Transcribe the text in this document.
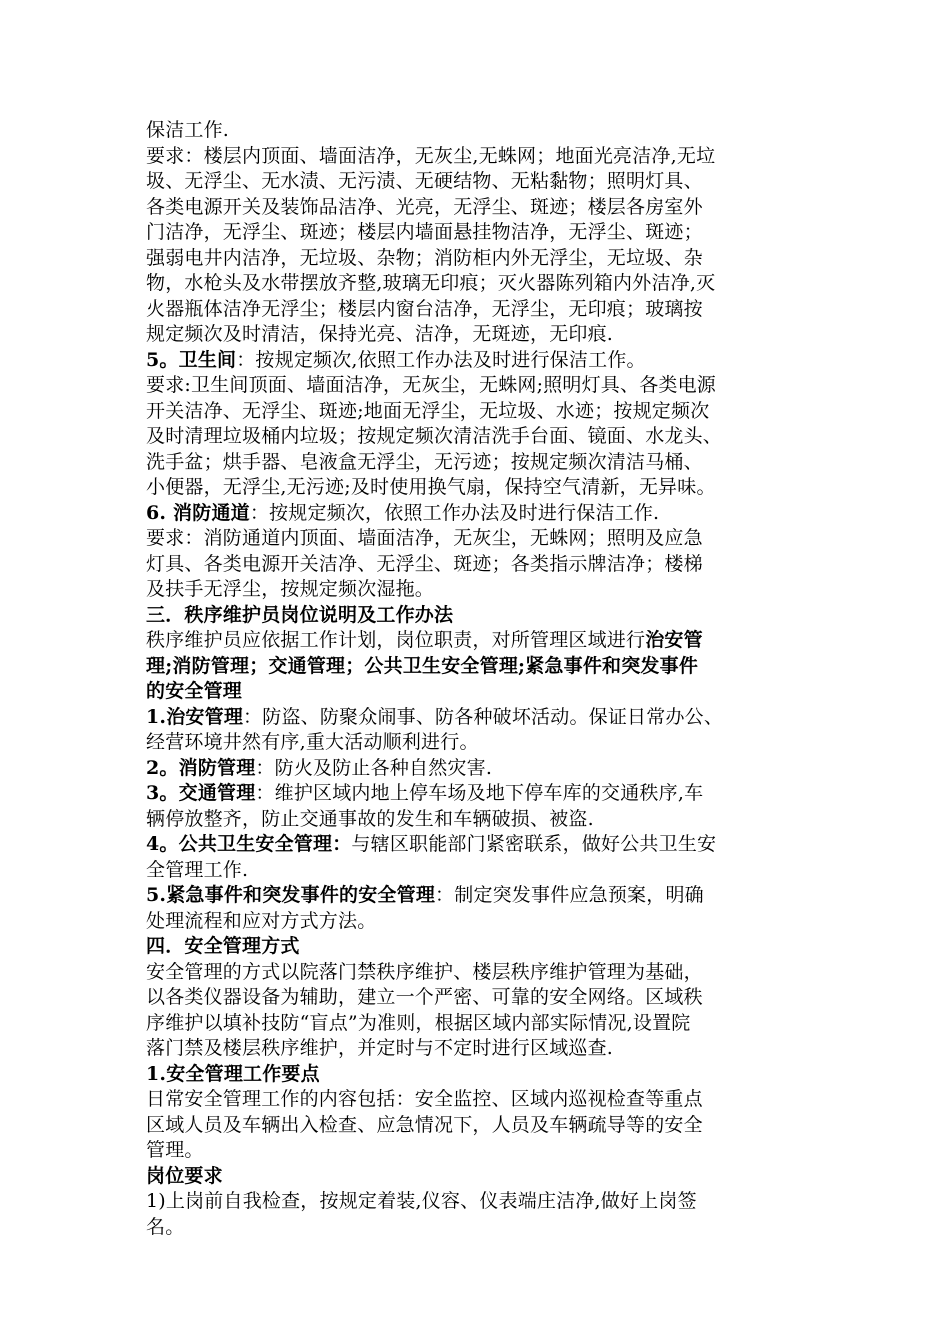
保洁工作.
要求：楼层内顶面、墙面洁净，无灰尘,无蛛网；地面光亮洁净,无垃
圾、无浮尘、无水渍、无污渍、无硬结物、无粘黏物；照明灯具、
各类电源开关及装饰品洁净、光亮，无浮尘、斑迹；楼层各房室外
门洁净，无浮尘、斑迹；楼层内墙面悬挂物洁净，无浮尘、斑迹；
强弱电井内洁净，无垃圾、杂物；消防柜内外无浮尘，无垃圾、杂
物，水枪头及水带摆放齐整,玻璃无印痕；灭火器陈列箱内外洁净,灭
火器瓶体洁净无浮尘；楼层内窗台洁净，无浮尘，无印痕；玻璃按
规定频次及时清洁，保持光亮、洁净，无斑迹，无印痕.
5。卫生间：按规定频次,依照工作办法及时进行保洁工作。
要求:卫生间顶面、墙面洁净，无灰尘，无蛛网;照明灯具、各类电源
开关洁净、无浮尘、斑迹;地面无浮尘，无垃圾、水迹；按规定频次
及时清理垃圾桶内垃圾；按规定频次清洁洗手台面、镜面、水龙头、
洗手盆；烘手器、皂液盒无浮尘，无污迹；按规定频次清洁马桶、
小便器，无浮尘,无污迹;及时使用换气扇，保持空气清新，无异味。
6. 消防通道：按规定频次，依照工作办法及时进行保洁工作.
要求：消防通道内顶面、墙面洁净，无灰尘，无蛛网；照明及应急
灯具、各类电源开关洁净、无浮尘、斑迹；各类指示牌洁净；楼梯
及扶手无浮尘，按规定频次湿拖。
三．秩序维护员岗位说明及工作办法
秩序维护员应依据工作计划，岗位职责，对所管理区域进行治安管
理;消防管理；交通管理；公共卫生安全管理;紧急事件和突发事件
的安全管理
1.治安管理：防盗、防聚众闹事、防各种破坏活动。保证日常办公、
经营环境井然有序,重大活动顺利进行。
2。消防管理：防火及防止各种自然灾害.
3。交通管理：维护区域内地上停车场及地下停车库的交通秩序,车
辆停放整齐，防止交通事故的发生和车辆破损、被盗.
4。公共卫生安全管理：与辖区职能部门紧密联系，做好公共卫生安
全管理工作.
5.紧急事件和突发事件的安全管理：制定突发事件应急预案，明确
处理流程和应对方式方法。
四．安全管理方式
安全管理的方式以院落门禁秩序维护、楼层秩序维护管理为基础，
以各类仪器设备为辅助，建立一个严密、可靠的安全网络。区域秩
序维护以填补技防“盲点”为准则，根据区域内部实际情况,设置院
落门禁及楼层秩序维护，并定时与不定时进行区域巡查.
1.安全管理工作要点
日常安全管理工作的内容包括：安全监控、区域内巡视检查等重点
区域人员及车辆出入检查、应急情况下，人员及车辆疏导等的安全
管理。
岗位要求
1)上岗前自我检查，按规定着装,仪容、仪表端庄洁净,做好上岗签
名。
